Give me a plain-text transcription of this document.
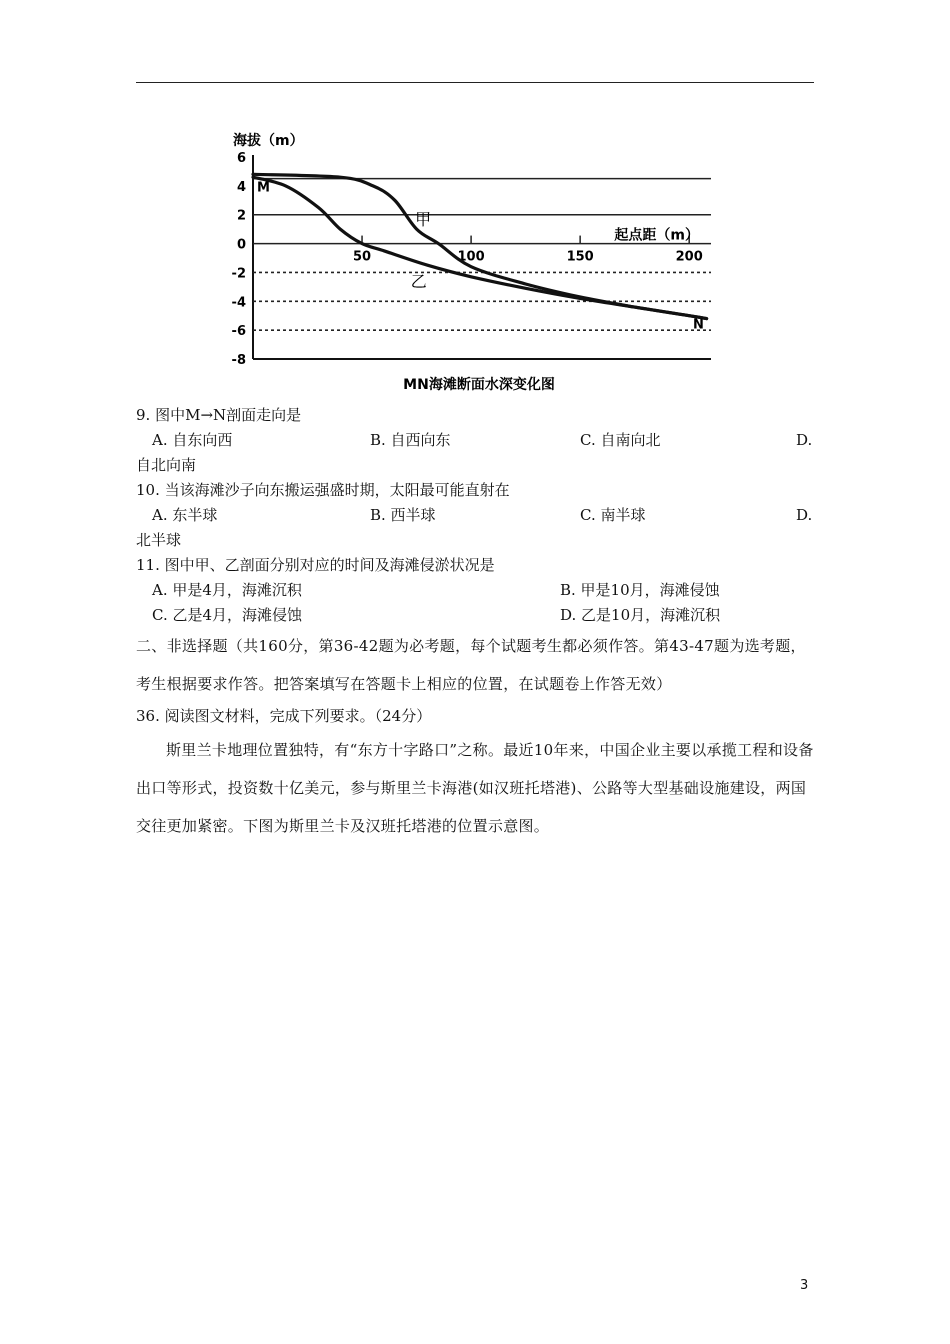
6
4
2
0
-2
-4
-6
-8
50	100	150	200
海拔（m）
起点距（m）
甲
乙
M
N
MN海滩断面水深变化图
9. 图中M→N剖面走向是
A. 自东向西	B. 自西向东	C. 自南向北	D.
自北向南
10. 当该海滩沙子向东搬运强盛时期，太阳最可能直射在
A. 东半球	B. 西半球	C. 南半球	D.
北半球
11. 图中甲、乙剖面分别对应的时间及海滩侵淤状况是
A. 甲是4月，海滩沉积	B. 甲是10月，海滩侵蚀
C. 乙是4月，海滩侵蚀	D. 乙是10月，海滩沉积
二、非选择题（共160分，第36-42题为必考题，每个试题考生都必须作答。第43-47题为选考题，考生根据要求作答。把答案填写在答题卡上相应的位置，在试题卷上作答无效）
36. 阅读图文材料，完成下列要求。（24分）
斯里兰卡地理位置独特，有“东方十字路口”之称。最近10年来，中国企业主要以承揽工程和设备出口等形式，投资数十亿美元，参与斯里兰卡海港(如汉班托塔港)、公路等大型基础设施建设，两国交往更加紧密。下图为斯里兰卡及汉班托塔港的位置示意图。
3
